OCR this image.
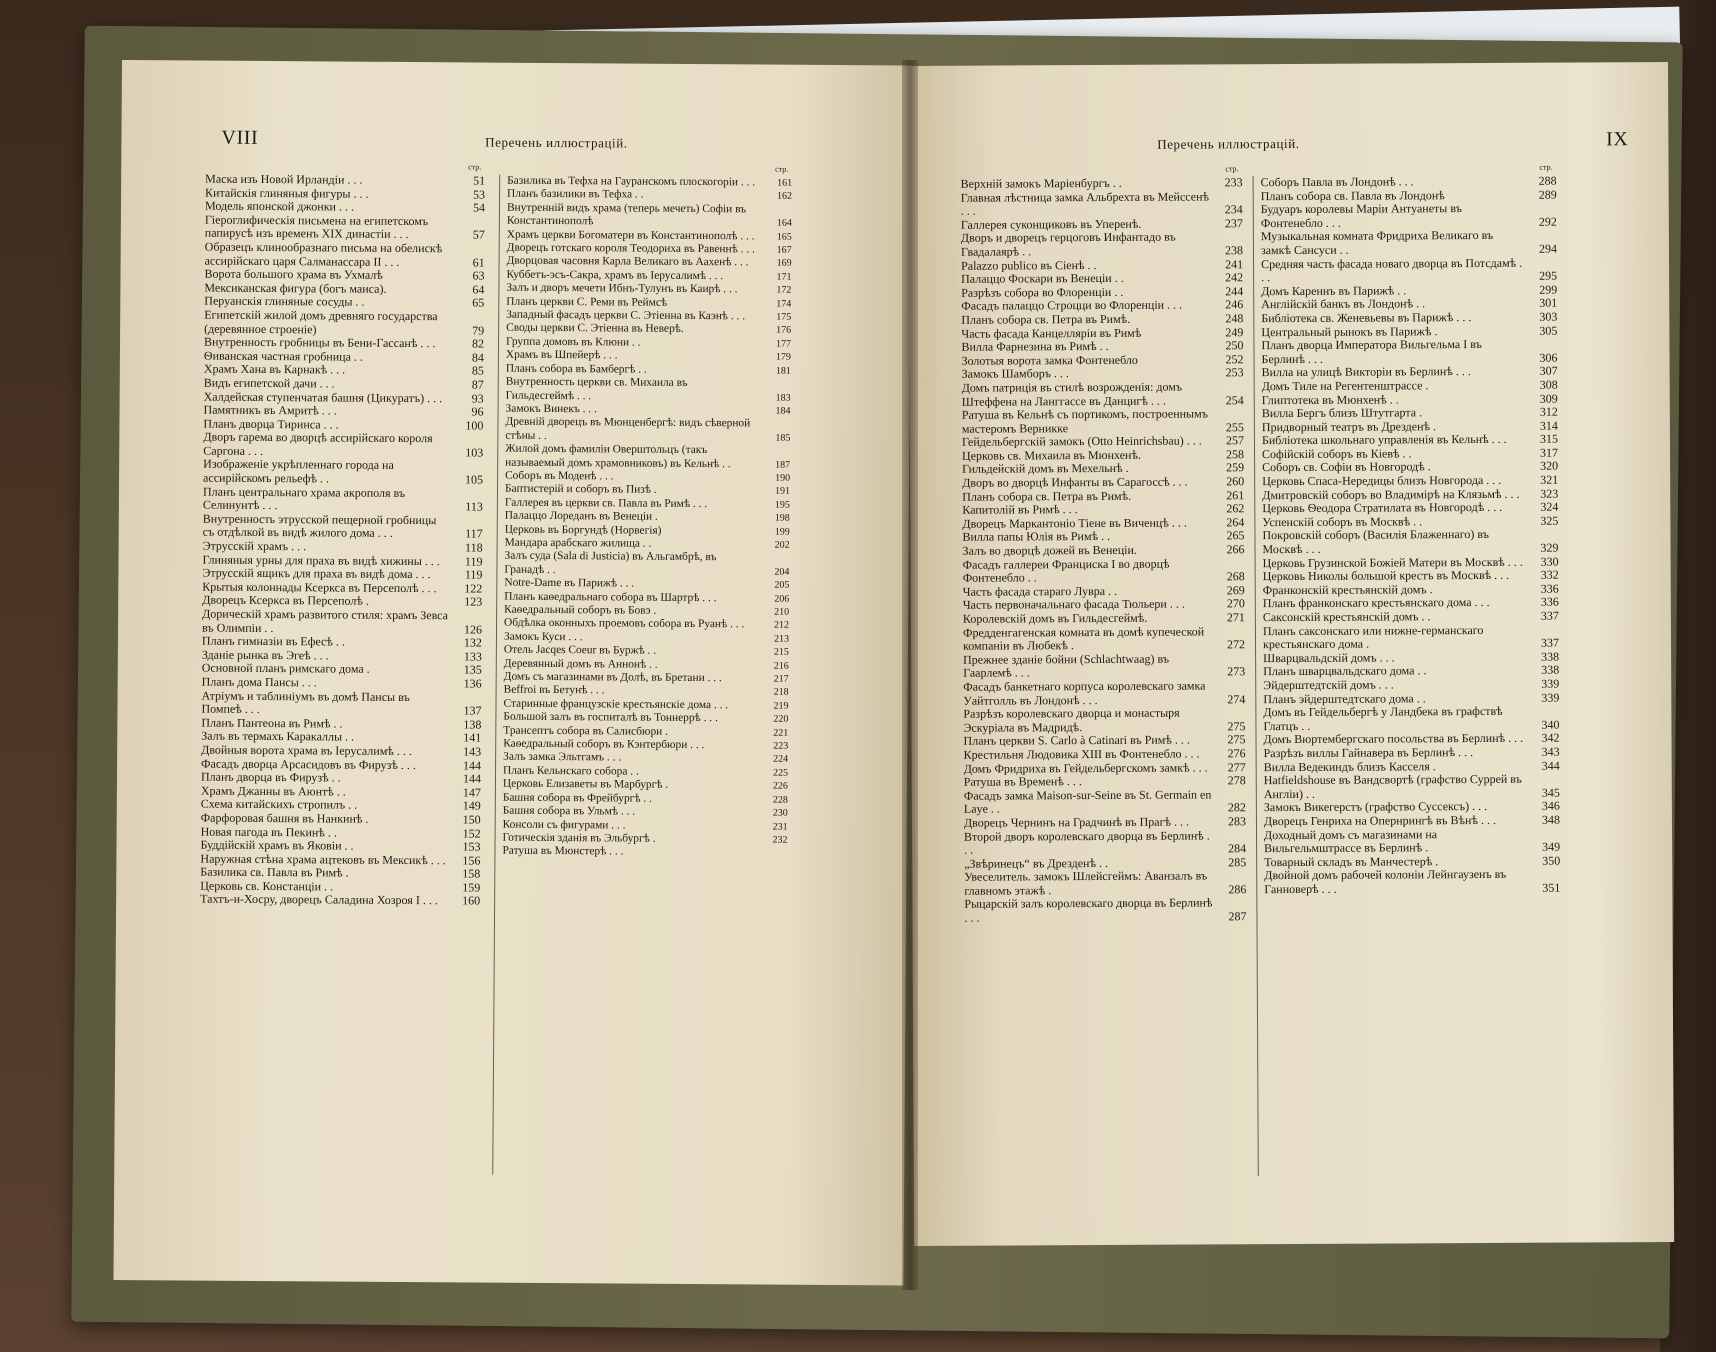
VIII	Перечень иллюстрацій.
стр.
Маска изъ Новой Ирландіи . . .	51
Китайскія глиняныя фигуры . . .	53
Модель японской джонки . . .	54
Гieроглифическія письмена на египетскомъ папирусѣ изъ временъ XIX династіи . . .	57
Образецъ клинообразнаго письма на обелискѣ ассирійскаго царя Салманассара II . . .	61
Ворота большого храма въ Ухмалѣ	63
Мексиканская фигура (богъ маиса).	64
Перуанскія глиняные сосуды . .	65
Египетскій жилой домъ древняго государства (деревянное строеніе)	79
Внутренность гробницы въ Бени-Гассанѣ . . .	82
Ѳиванская частная гробница . .	84
Храмъ Хана въ Карнакѣ . . .	85
Видъ египетской дачи . . .	87
Халдейская ступенчатая башня (Цикуратъ) . . .	93
Памятникъ въ Амритѣ . . .	96
Планъ дворца Тиринса . . .	100
Дворъ гарема во дворцѣ ассирійскаго короля Саргона . . .	103
Изображеніе укрѣпленнаго города на ассирійскомъ рельефѣ . .	105
Планъ центральнаго храма акрополя въ Селинунтѣ . . .	113
Внутренность этрусской пещерной гробницы съ отдѣлкой въ видѣ жилого дома . . .	117
Этрусскій храмъ . . .	118
Глиняныя урны для праха въ видѣ хижины . . .	119
Этрусскій ящикъ для праха въ видѣ дома . . .	119
Крытыя колоннады Ксеркса въ Персеполѣ . . .	122
Дворецъ Ксеркса въ Персеполѣ .	123
Дорическій храмъ развитого стиля: храмъ Зевса въ Олимпіи . .	126
Планъ гимназіи въ Ефесѣ . .	132
Зданіе рынка въ Эгеѣ . . .	133
Основной планъ римскаго дома .	135
Планъ дома Пансы . . .	136
Атріумъ и таблиніумъ въ домѣ Пансы въ Помпеѣ . . .	137
Планъ Пантеона въ Римѣ . .	138
Залъ въ термахъ Каракаллы . .	141
Двойныя ворота храма въ Іерусалимѣ . . .	143
Фасадъ дворца Арсасидовъ въ Фирузѣ . . .	144
Планъ дворца въ Фирузѣ . .	144
Храмъ Джанны въ Аюнтѣ . .	147
Схема китайскихъ стропилъ . .	149
Фарфоровая башня въ Нанкинѣ .	150
Новая пагода въ Пекинѣ . .	152
Буддійскій храмъ въ Яковіи . .	153
Наружная стѣна храма ацтековъ въ Мексикѣ . . .	156
Базилика св. Павла въ Римѣ .	158
Церковь св. Констанціи . .	159
Тахтъ-и-Хосру, дворецъ Саладина Хозроя I . . .	160
стр.
Базилика въ Тефха на Гауранскомъ плоскогоріи . . .	161
Планъ базилики въ Тефха . .	162
Внутренній видъ храма (теперь мечеть) Софіи въ Константинополѣ	164
Храмъ церкви Богоматери въ Константинополѣ . . .	165
Дворецъ готскаго короля Теодориха въ Равеннѣ . . .	167
Дворцовая часовня Карла Великаго въ Аахенѣ . . .	169
Куббетъ-эсъ-Сакра, храмъ въ Іерусалимѣ . . .	171
Залъ и дворъ мечети Ибнъ-Тулунъ въ Каирѣ . . .	172
Планъ церкви С. Реми въ Реймсѣ	174
Западный фасадъ церкви С. Этіенна въ Каэнѣ . . .	175
Своды церкви С. Этіенна въ Неверѣ.	176
Группа домовъ въ Клюни . .	177
Храмъ въ Шпейерѣ . . .	179
Планъ собора въ Бамбергѣ . .	181
Внутренность церкви св. Михаила въ Гильдесгеймѣ . . .	183
Замокъ Винекъ . . .	184
Древній дворецъ въ Мюнценбергѣ: видъ сѣверной стѣны . .	185
Жилой домъ фамиліи Оверштольцъ (такъ называемый домъ храмовниковъ) въ Кельнѣ . .	187
Соборъ въ Моденѣ . . .	190
Баптистерій и соборъ въ Пизѣ .	191
Галлерея въ церкви св. Павла въ Римѣ . . .	195
Палаццо Лореданъ въ Венеціи .	198
Церковь въ Боргундѣ (Норвегія)	199
Мандара арабскаго жилища . .	202
Залъ суда (Sala di Justicia) въ Альгамбрѣ, въ Гранадѣ . .	204
Notre-Dame въ Парижѣ . . .	205
Планъ каѳедральнаго собора въ Шартрѣ . . .	206
Каѳедральный соборъ въ Бовэ .	210
Обдѣлка оконныхъ проемовъ собора въ Руанѣ . . .	212
Замокъ Куси . . .	213
Отель Jacqes Coeur въ Буржѣ . .	215
Деревянный домъ въ Аннонѣ . .	216
Домъ съ магазинами въ Долѣ, въ Бретани . . .	217
Beffroi въ Бетунѣ . . .	218
Старинные французскіе крестьянскіе дома . . .	219
Большой залъ въ госпиталѣ въ Тоннеррѣ . . .	220
Трансептъ собора въ Салисбюри .	221
Каѳедральный соборъ въ Кэнтербюри . . .	223
Залъ замка Эльтгамъ . . .	224
Планъ Кельнскаго собора . .	225
Церковь Елизаветы въ Марбургѣ .	226
Башня собора въ Фрейбургѣ . .	228
Башня собора въ Ульмѣ . . .	230
Консоли съ фигурами . . .	231
Готическія зданія въ Эльбургѣ .	232
Ратуша въ Мюнстерѣ . . .
Перечень иллюстрацій.	IX
стр.
Верхній замокъ Маріенбургъ . .	233
Главная лѣстница замка Альбрехта въ Мейссенѣ . . .	234
Галлерея суконщиковъ въ Уперенѣ.	237
Дворъ и дворецъ герцоговъ Инфантадо въ Гвадалаярѣ . .	238
Palazzo publico въ Сіенѣ . .	241
Палаццо Фоскари въ Венеціи . .	242
Разрѣзъ собора во Флоренціи . .	244
Фасадъ палаццо Строцци во Флоренціи . . .	246
Планъ собора св. Петра въ Римѣ.	248
Часть фасада Канцелляріи въ Римѣ	249
Вилла Фарнезина въ Римѣ . .	250
Золотыя ворота замка Фонтенебло	252
Замокъ Шамборъ . . .	253
Домъ патриція въ стилѣ возрожденія: домъ Штеффена на Ланггассе въ Данцигѣ . . .	254
Ратуша въ Кельнѣ съ портикомъ, построеннымъ мастеромъ Верникке	255
Гейдельбергскій замокъ (Otto Heinrichsbau) . . .	257
Церковь св. Михаила въ Мюнхенѣ.	258
Гильдейскій домъ въ Мехельнѣ .	259
Дворъ во дворцѣ Инфанты въ Сарагоссѣ . . .	260
Планъ собора св. Петра въ Римѣ.	261
Капитолій въ Римѣ . . .	262
Дворецъ Маркантоніо Тіене въ Виченцѣ . . .	264
Вилла папы Юлія въ Римѣ . .	265
Залъ во дворцѣ дожей въ Венеціи.	266
Фасадъ галлереи Франциска I во дворцѣ Фонтенебло . .	268
Часть фасада стараго Лувра . .	269
Часть первоначальнаго фасада Тюльери . . .	270
Королевскій домъ въ Гильдесгеймѣ.	271
Фредденгагенская комната въ домѣ купеческой компаніи въ Любекѣ .	272
Прежнее зданіе бойни (Schlachtwaag) въ Гаарлемѣ . . .	273
Фасадъ банкетнаго корпуса королевскаго замка Уайтголль въ Лондонѣ . . .	274
Разрѣзъ королевскаго дворца и монастыря Эскуріала въ Мадридѣ.	275
Планъ церкви S. Carlo à Catinari въ Римѣ . . .	275
Крестильня Людовика XIII въ Фонтенебло . . .	276
Домъ Фридриха въ Гейдельбергскомъ замкѣ . . .	277
Ратуша въ Временѣ . . .	278
Фасадъ замка Maison-sur-Seine въ St. Germain en Laye . .	282
Дворецъ Чернинъ на Градчинѣ въ Прагѣ . . .	283
Второй дворъ королевскаго дворца въ Берлинѣ . . .	284
„Звѣринецъ“ въ Дрезденѣ . .	285
Увеселитель. замокъ Шлейсгеймъ: Аванзалъ въ главномъ этажѣ .	286
Рыцарскій залъ королевскаго дворца въ Берлинѣ . . .	287
стр.
Соборъ Павла въ Лондонѣ . . .	288
Планъ собора св. Павла въ Лондонѣ	289
Будуаръ королевы Маріи Антуанеты въ Фонтенебло . . .	292
Музыкальная комната Фридриха Великаго въ замкѣ Сансуси . .	294
Средняя часть фасада новаго дворца въ Потсдамѣ . . .	295
Домъ Кареннъ въ Парижѣ . .	299
Англійскій банкъ въ Лондонѣ . .	301
Библіотека св. Женевьевы въ Парижѣ . . .	303
Центральный рынокъ въ Парижѣ .	305
Планъ дворца Императора Вильгельма I въ Берлинѣ . . .	306
Вилла на улицѣ Викторіи въ Берлинѣ . . .	307
Домъ Тиле на Регентенштрассе .	308
Глиптотека въ Мюнхенѣ . .	309
Вилла Бергъ близъ Штутгарта .	312
Придворный театръ въ Дрезденѣ .	314
Библіотека школьнаго управленія въ Кельнѣ . . .	315
Софійскій соборъ въ Кіевѣ . .	317
Соборъ св. Софіи въ Новгородѣ .	320
Церковь Спаса-Нередицы близъ Новгорода . . .	321
Дмитровскій соборъ во Владимірѣ на Клязьмѣ . . .	323
Церковь Ѳеодора Стратилата въ Новгородѣ . . .	324
Успенскій соборъ въ Москвѣ . .	325
Покровскій соборъ (Василія Блаженнаго) въ Москвѣ . . .	329
Церковь Грузинской Божіей Матери въ Москвѣ . . .	330
Церковь Николы большой крестъ въ Москвѣ . . .	332
Франконскій крестьянскій домъ .	336
Планъ франконскаго крестьянскаго дома . . .	336
Саксонскій крестьянскій домъ . .	337
Планъ саксонскаго или нижне-германскаго крестьянскаго дома .	337
Шварцвальдскій домъ . . .	338
Планъ шварцвальдскаго дома . .	338
Эйдерштедтскій домъ . . .	339
Планъ эйдерштедтскаго дома . .	339
Домъ въ Гейдельбергѣ у Ландбека въ графствѣ Глатцъ . .	340
Домъ Вюртембергскаго посольства въ Берлинѣ . . .	342
Разрѣзъ виллы Гайнавера въ Берлинѣ . . .	343
Вилла Ведекиндъ близъ Касселя .	344
Hatfieldshouse въ Вандсвортѣ (графство Суррей въ Англіи) . .	345
Замокъ Викегерстъ (графство Суссексъ) . . .	346
Дворецъ Генриха на Опернрингѣ въ Вѣнѣ . . .	348
Доходный домъ съ магазинами на Вильгельмштрассе въ Берлинѣ .	349
Товарный складъ въ Манчестерѣ .	350
Двойной домъ рабочей колоніи Лейнгаузенъ въ Ганноверѣ . . .	351
